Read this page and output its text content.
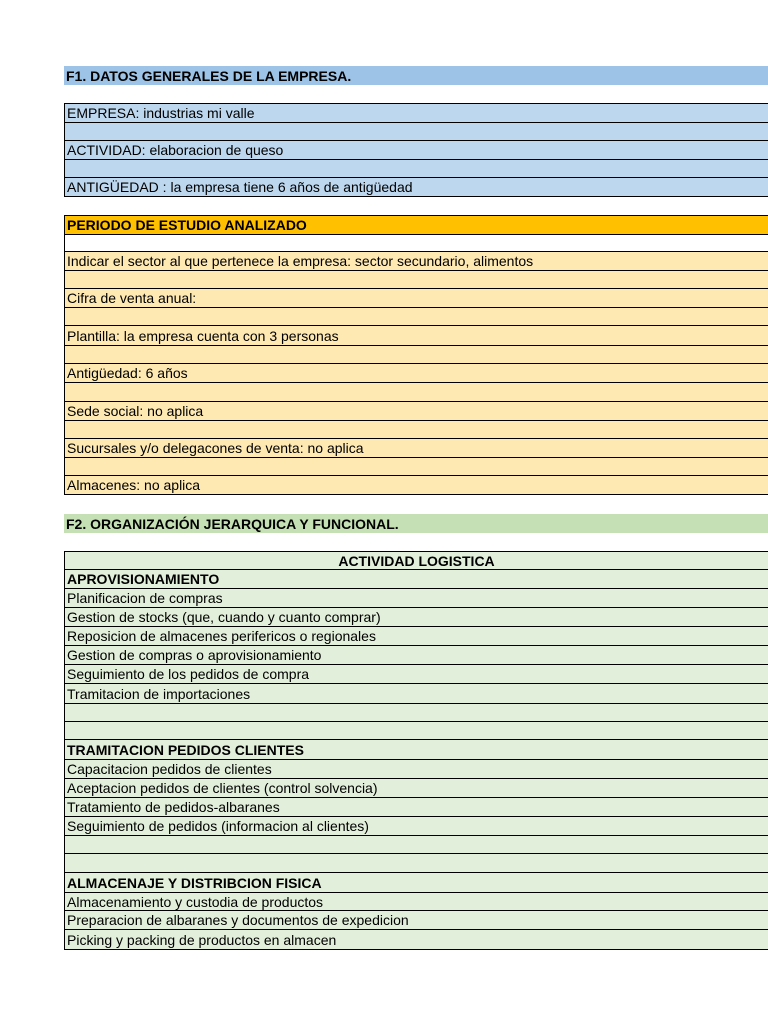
F1. DATOS GENERALES DE LA EMPRESA.
EMPRESA: industrias mi valle
ACTIVIDAD: elaboracion de queso
ANTIGÜEDAD : la empresa tiene 6 años de antigüedad
PERIODO DE ESTUDIO ANALIZADO
Indicar el sector al que pertenece la empresa: sector secundario, alimentos
Cifra de venta anual:
Plantilla: la empresa cuenta con 3 personas
Antigüedad: 6 años
Sede social: no aplica
Sucursales y/o delegacones de venta: no aplica
Almacenes: no aplica
F2. ORGANIZACIÓN JERARQUICA Y FUNCIONAL.
ACTIVIDAD LOGISTICA
APROVISIONAMIENTO
Planificacion de compras
Gestion de stocks (que, cuando y cuanto comprar)
Reposicion de almacenes perifericos o regionales
Gestion de compras o aprovisionamiento
Seguimiento de los pedidos de compra
Tramitacion de importaciones
TRAMITACION PEDIDOS CLIENTES
Capacitacion pedidos de clientes
Aceptacion pedidos de clientes (control solvencia)
Tratamiento de pedidos-albaranes
Seguimiento de pedidos (informacion al clientes)
ALMACENAJE Y DISTRIBCION FISICA
Almacenamiento y custodia de productos
Preparacion de albaranes y documentos de expedicion
Picking y packing de productos en almacen
